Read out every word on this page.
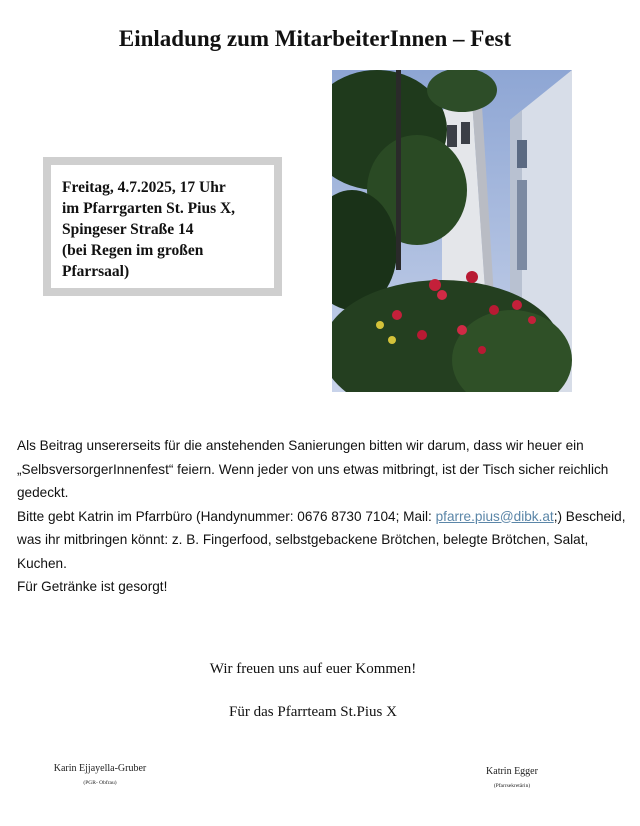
Einladung zum MitarbeiterInnen – Fest
Freitag, 4.7.2025, 17 Uhr
im Pfarrgarten St. Pius X,
Spingeser Straße 14
(bei Regen im großen
Pfarrsaal)

Als Beitrag unsererseits für die anstehenden Sanierungen bitten wir darum, dass wir heuer ein „SelbsversorgerInnenfest“ feiern. Wenn jeder von uns etwas mitbringt, ist der Tisch sicher reichlich gedeckt.

Bitte gebt Katrin im Pfarrbüro (Handynummer: 0676 8730 7104; Mail: pfarre.pius@dibk.at;) Bescheid, was ihr mitbringen könnt: z. B. Fingerfood, selbstgebackene Brötchen, belegte Brötchen, Salat, Kuchen.

Für Getränke ist gesorgt!

Wir freuen uns auf euer Kommen!
Für das Pfarrteam St.Pius X
Karin Ejjayella-Gruber
(PGR- Obfrau)
Katrin Egger
(Pfarrsekretärin)
